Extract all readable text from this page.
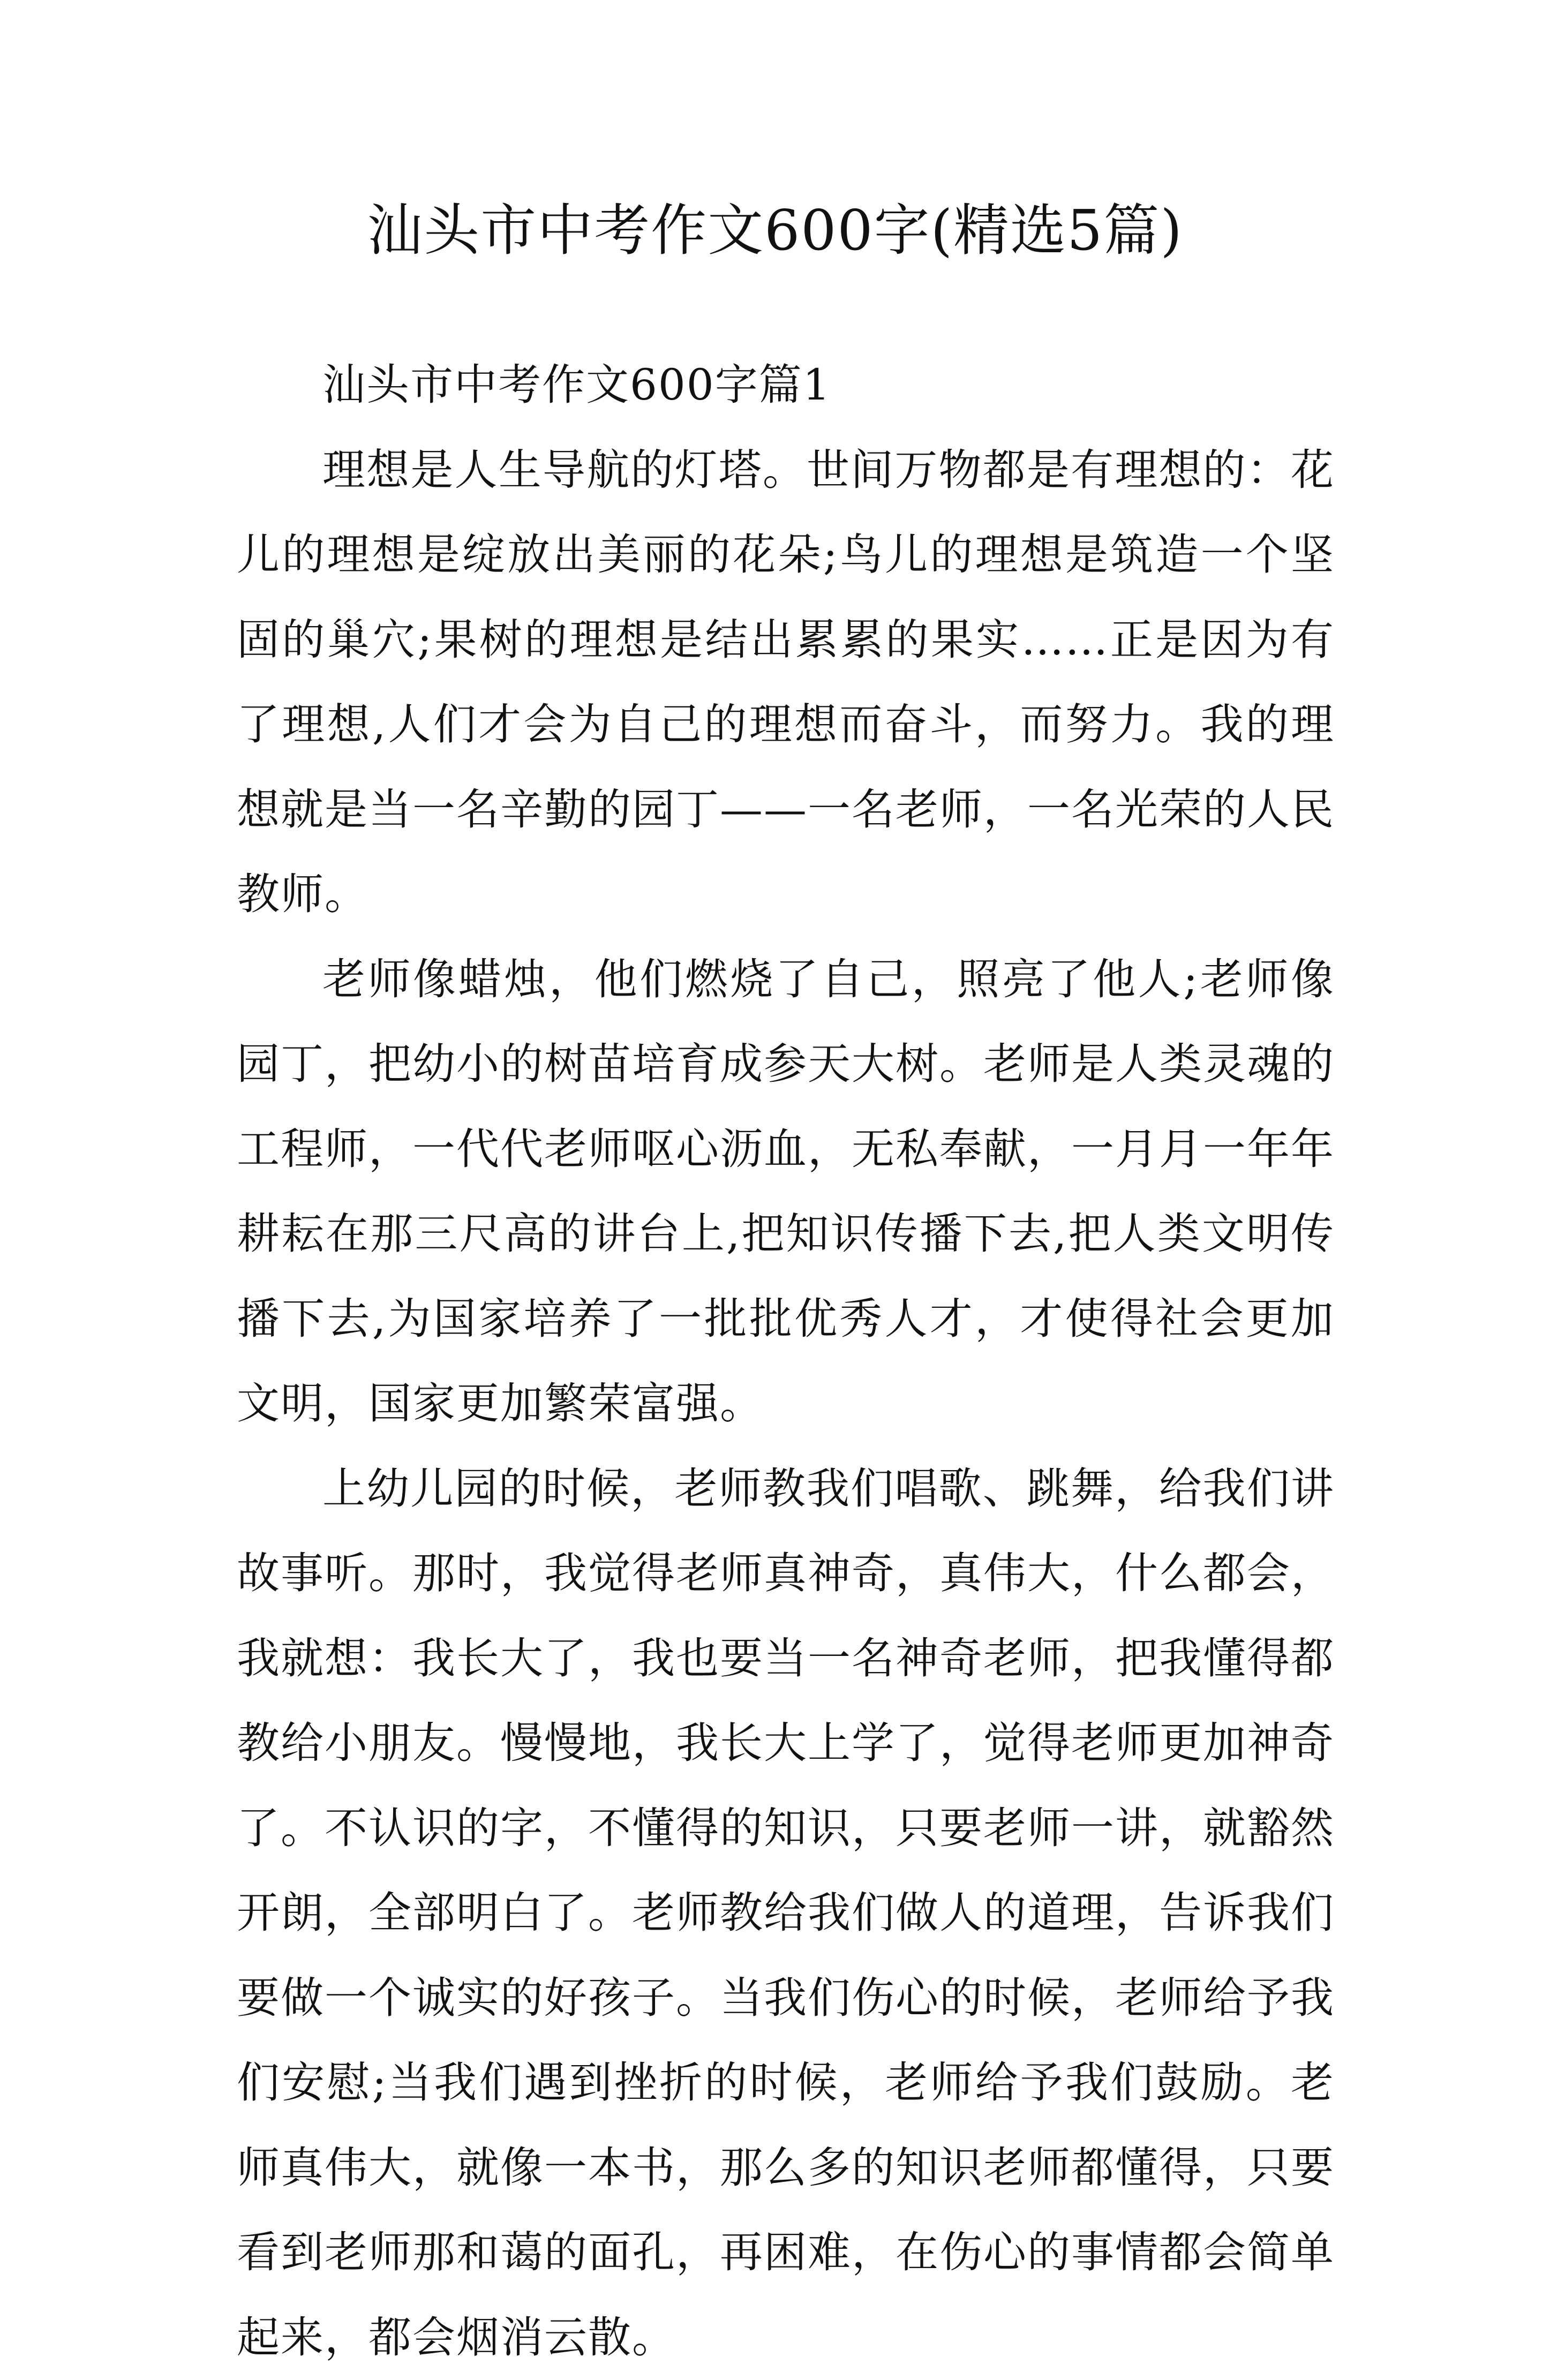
汕头市中考作文600字(精选5篇)

汕头市中考作文600字篇1

理想是人生导航的灯塔。世间万物都是有理想的：花儿的理想是绽放出美丽的花朵;鸟儿的理想是筑造一个坚固的巢穴;果树的理想是结出累累的果实……正是因为有了理想,人们才会为自己的理想而奋斗，而努力。我的理想就是当一名辛勤的园丁——一名老师，一名光荣的人民教师。

老师像蜡烛，他们燃烧了自己，照亮了他人;老师像园丁，把幼小的树苗培育成参天大树。老师是人类灵魂的工程师，一代代老师呕心沥血，无私奉献，一月月一年年耕耘在那三尺高的讲台上,把知识传播下去,把人类文明传播下去,为国家培养了一批批优秀人才，才使得社会更加文明，国家更加繁荣富强。

上幼儿园的时候，老师教我们唱歌、跳舞，给我们讲故事听。那时，我觉得老师真神奇，真伟大，什么都会，我就想：我长大了，我也要当一名神奇老师，把我懂得都教给小朋友。慢慢地，我长大上学了，觉得老师更加神奇了。不认识的字，不懂得的知识，只要老师一讲，就豁然开朗，全部明白了。老师教给我们做人的道理，告诉我们要做一个诚实的好孩子。当我们伤心的时候，老师给予我们安慰;当我们遇到挫折的时候，老师给予我们鼓励。老师真伟大，就像一本书，那么多的知识老师都懂得，只要看到老师那和蔼的面孔，再困难，在伤心的事情都会简单起来，都会烟消云散。
